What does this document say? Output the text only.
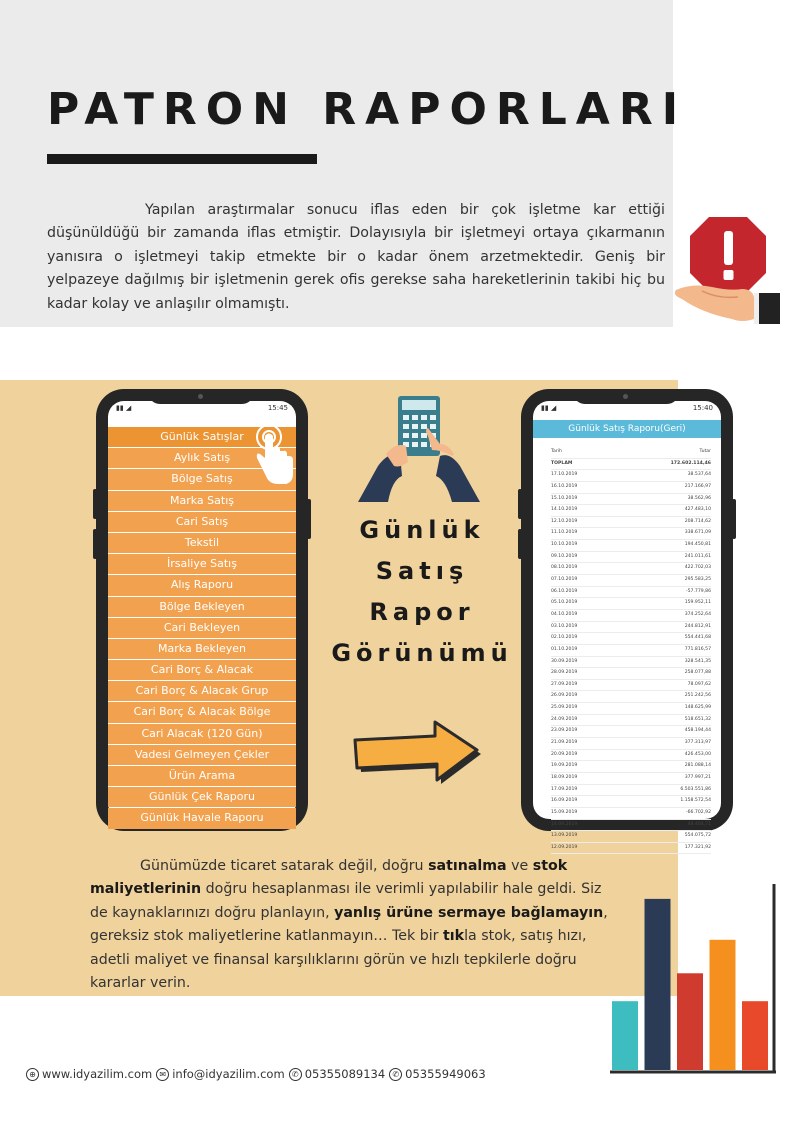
PATRON RAPORLARI
Yapılan araştırmalar sonucu iflas eden bir çok işletme kar ettiği düşünüldüğü bir zamanda iflas etmiştir. Dolayısıyla bir işletmeyi ortaya çıkarmanın yanısıra o işletmeyi takip etmekte bir o kadar önem arzetmektedir. Geniş bir yelpazeye dağılmış bir işletmenin gerek ofis gerekse saha hareketlerinin takibi hiç bu kadar kolay ve anlaşılır olmamıştı.
▮▮ ◢	15:45
Günlük Satışlar
Aylık Satış
Bölge Satış
Marka Satış
Cari Satış
Tekstil
İrsaliye Satış
Alış Raporu
Bölge Bekleyen
Cari Bekleyen
Marka Bekleyen
Cari Borç & Alacak
Cari Borç & Alacak Grup
Cari Borç & Alacak Bölge
Cari Alacak (120 Gün)
Vadesi Gelmeyen Çekler
Ürün Arama
Günlük Çek Raporu
Günlük Havale Raporu
Günlük
Satış
Rapor
Görünümü
▮▮ ◢	15:40
Günlük Satış Raporu(Geri)
Tarih	Tutar
TOPLAM	172.602.114,46
17.10.2019	38.537,64
16.10.2019	217.166,97
15.10.2019	38.562,96
14.10.2019	427.483,10
12.10.2019	208.714,62
11.10.2019	338.671,09
10.10.2019	194.450,81
09.10.2019	241.011,61
08.10.2019	422.702,03
07.10.2019	295.583,25
06.10.2019	-57.779,86
05.10.2019	159.952,11
04.10.2019	374.252,64
03.10.2019	244.812,91
02.10.2019	554.441,68
01.10.2019	771.816,57
30.09.2019	328.541,35
28.09.2019	258.077,88
27.09.2019	78.097,62
26.09.2019	251.242,56
25.09.2019	148.625,99
24.09.2019	518.651,32
23.09.2019	458.194,44
21.09.2019	377.313,97
20.09.2019	426.453,00
19.09.2019	281.088,14
18.09.2019	377.997,21
17.09.2019	6.503.551,86
16.09.2019	1.158.572,54
15.09.2019	-66.702,92
14.09.2019	48.464,71
13.09.2019	554.075,72
12.09.2019	177.321,92
Günümüzde ticaret satarak değil, doğru satınalma ve stok maliyetlerinin doğru hesaplanması ile verimli yapılabilir hale geldi. Siz de kaynaklarınızı doğru planlayın, yanlış ürüne sermaye bağlamayın, gereksiz stok maliyetlerine katlanmayın… Tek bir tıkla stok, satış hızı, adetli maliyet ve finansal karşılıklarını görün ve hızlı tepkilerle doğru kararlar verin.
⊕ www.idyazilim.com ✉ info@idyazilim.com ✆ 05355089134 ✆ 05355949063
